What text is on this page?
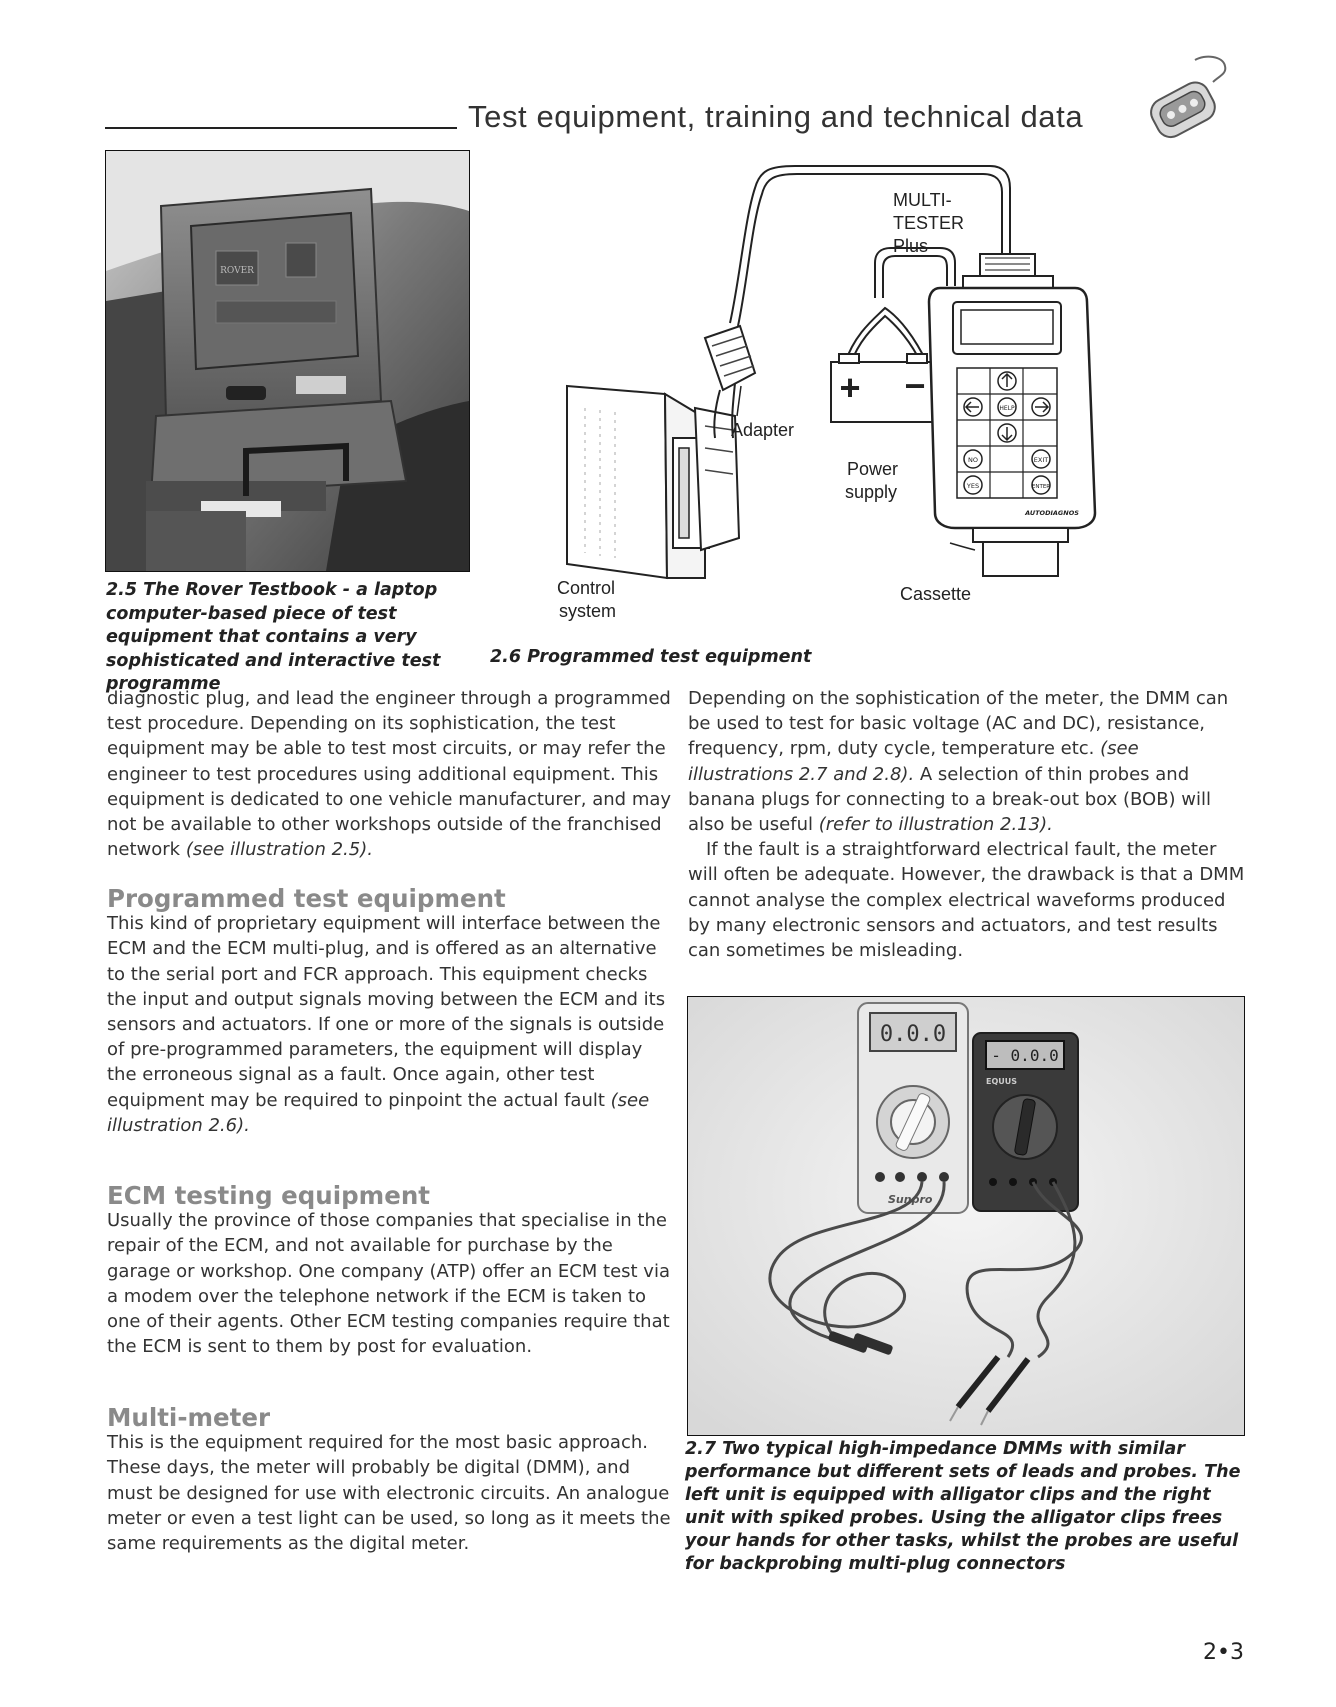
Test equipment, training and technical data
ROVER
+ −
HELP
NO	EXIT
YES	ENTER
AUTODIAGNOS
MULTI-
TESTER
Plus
Adapter
Power
supply
Control
system
Cassette
2.5 The Rover Testbook - a laptop computer-based piece of test equipment that contains a very sophisticated and interactive test programme
2.6 Programmed test equipment

diagnostic plug, and lead the engineer through a programmed test procedure. Depending on its sophistication, the test equipment may be able to test most circuits, or may refer the engineer to test procedures using additional equipment. This equipment is dedicated to one vehicle manufacturer, and may not be available to other workshops outside of the franchised network (see illustration 2.5).

Programmed test equipment

This kind of proprietary equipment will interface between the ECM and the ECM multi-plug, and is offered as an alternative to the serial port and FCR approach. This equipment checks the input and output signals moving between the ECM and its sensors and actuators. If one or more of the signals is outside of pre-programmed parameters, the equipment will display the erroneous signal as a fault. Once again, other test equipment may be required to pinpoint the actual fault (see illustration 2.6).

ECM testing equipment

Usually the province of those companies that specialise in the repair of the ECM, and not available for purchase by the garage or workshop. One company (ATP) offer an ECM test via a modem over the telephone network if the ECM is taken to one of their agents. Other ECM testing companies require that the ECM is sent to them by post for evaluation.

Multi-meter

This is the equipment required for the most basic approach. These days, the meter will probably be digital (DMM), and must be designed for use with electronic circuits. An analogue meter or even a test light can be used, so long as it meets the same requirements as the digital meter.

Depending on the sophistication of the meter, the DMM can be used to test for basic voltage (AC and DC), resistance, frequency, rpm, duty cycle, temperature etc. (see illustrations 2.7 and 2.8). A selection of thin probes and banana plugs for connecting to a break-out box (BOB) will also be useful (refer to illustration 2.13).

If the fault is a straightforward electrical fault, the meter will often be adequate. However, the drawback is that a DMM cannot analyse the complex electrical waveforms produced by many electronic sensors and actuators, and test results can sometimes be misleading.

0.0.0
Sunpro
- 0.0.0
EQUUS
2.7 Two typical high-impedance DMMs with similar performance but different sets of leads and probes. The left unit is equipped with alligator clips and the right unit with spiked probes. Using the alligator clips frees your hands for other tasks, whilst the probes are useful for backprobing multi-plug connectors
2•3
